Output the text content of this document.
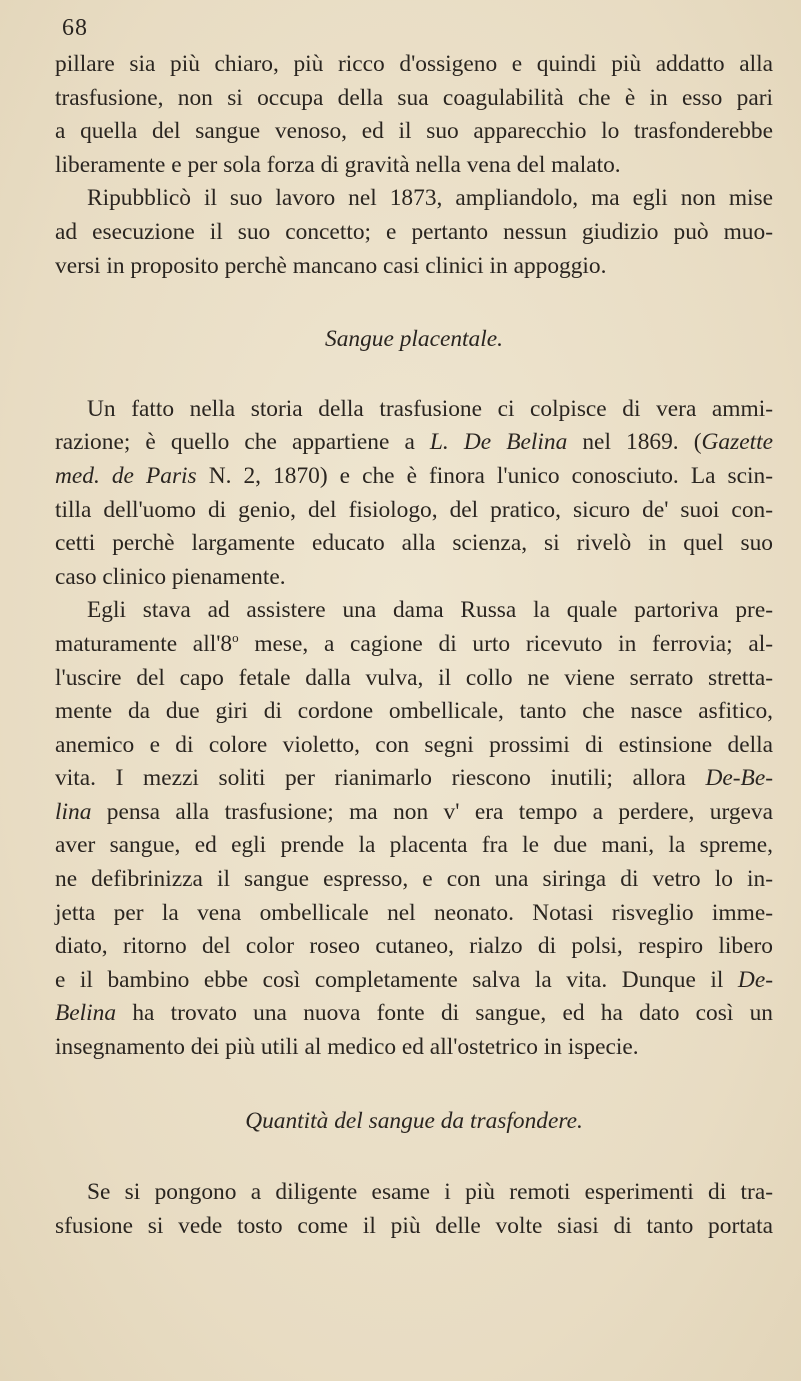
68

pillare sia più chiaro, più ricco d'ossigeno e quindi più addatto alla
trasfusione, non si occupa della sua coagulabilità che è in esso pari
a quella del sangue venoso, ed il suo apparecchio lo trasfonderebbe
liberamente e per sola forza di gravità nella vena del malato.

Ripubblicò il suo lavoro nel 1873, ampliandolo, ma egli non mise
ad esecuzione il suo concetto; e pertanto nessun giudizio può muo-
versi in proposito perchè mancano casi clinici in appoggio.

Sangue placentale.

Un fatto nella storia della trasfusione ci colpisce di vera ammi-
razione; è quello che appartiene a L. De Belina nel 1869. (Gazette
med. de Paris N. 2, 1870) e che è finora l'unico conosciuto. La scin-
tilla dell'uomo di genio, del fisiologo, del pratico, sicuro de' suoi con-
cetti perchè largamente educato alla scienza, si rivelò in quel suo
caso clinico pienamente.

Egli stava ad assistere una dama Russa la quale partoriva pre-
maturamente all'8$^o$ mese, a cagione di urto ricevuto in ferrovia; al-
l'uscire del capo fetale dalla vulva, il collo ne viene serrato stretta-
mente da due giri di cordone ombellicale, tanto che nasce asfitico,
anemico e di colore violetto, con segni prossimi di estinsione della
vita. I mezzi soliti per rianimarlo riescono inutili; allora De-Be-
lina pensa alla trasfusione; ma non v' era tempo a perdere, urgeva
aver sangue, ed egli prende la placenta fra le due mani, la spreme,
ne defibrinizza il sangue espresso, e con una siringa di vetro lo in-
jetta per la vena ombellicale nel neonato. Notasi risveglio imme-
diato, ritorno del color roseo cutaneo, rialzo di polsi, respiro libero
e il bambino ebbe così completamente salva la vita. Dunque il De-
Belina ha trovato una nuova fonte di sangue, ed ha dato così un
insegnamento dei più utili al medico ed all'ostetrico in ispecie.

Quantità del sangue da trasfondere.

Se si pongono a diligente esame i più remoti esperimenti di tra-
sfusione si vede tosto come il più delle volte siasi di tanto portata
